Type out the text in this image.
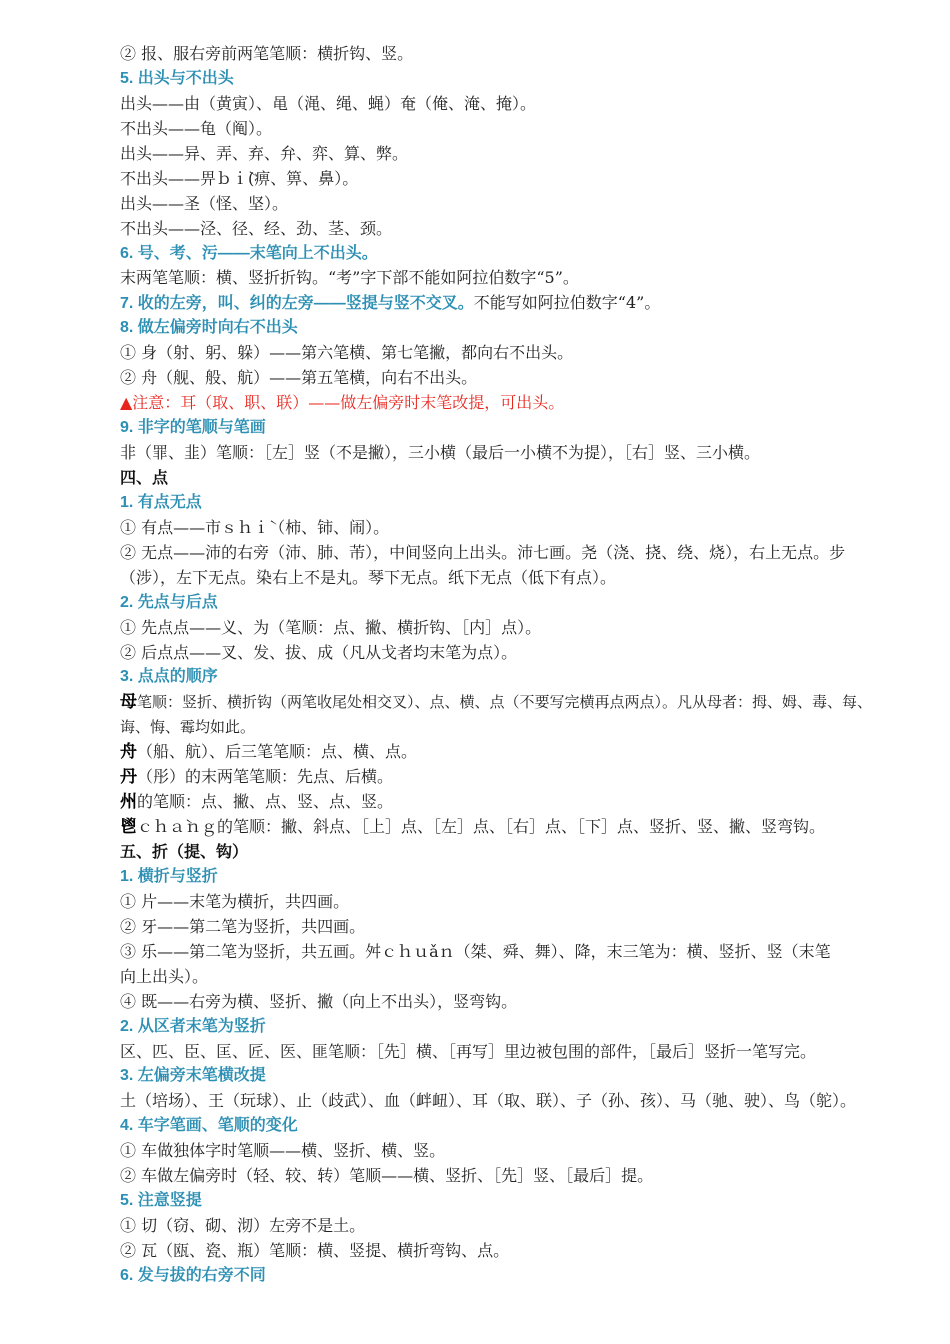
② 报、服右旁前两笔笔顺：横折钩、竖。
5. 出头与不出头
出头——由（黄寅）、黾（渑、绳、蝇）奄（俺、淹、掩）。
不出头——龟（阄）。
出头——异、弄、弃、弁、弈、算、弊。
不出头——畀ｂｉ̀(痹、箅、鼻）。
出头——圣（怪、坚）。
不出头——泾、径、经、劲、茎、颈。
6. 号、考、污——末笔向上不出头。
末两笔笔顺：横、竖折折钩。“考”字下部不能如阿拉伯数字“5”。
7. 收的左旁，叫、纠的左旁——竖提与竖不交叉。不能写如阿拉伯数字“4”。
8. 做左偏旁时向右不出头
① 身（射、躬、躲）——第六笔横、第七笔撇，都向右不出头。
② 舟（舰、般、航）——第五笔横，向右不出头。
▲注意：耳（取、职、联）——做左偏旁时末笔改提，可出头。
9. 非字的笔顺与笔画
非（罪、韭）笔顺：［左］竖（不是撇），三小横（最后一小横不为提），［右］竖、三小横。
四、点
1. 有点无点
① 有点——市ｓｈｉ̀（柿、铈、闹）。
② 无点——沛的右旁（沛、肺、芾），中间竖向上出头。沛七画。尧（浇、挠、绕、烧），右上无点。步
（涉），左下无点。染右上不是丸。琴下无点。纸下无点（低下有点）。
2. 先点与后点
① 先点点——义、为（笔顺：点、撇、横折钩、［内］点）。
② 后点点——叉、发、拔、成（凡从戈者均末笔为点）。
3. 点点的顺序
母笔顺：竖折、横折钩（两笔收尾处相交叉）、点、横、点（不要写完横再点两点）。凡从母者：拇、姆、毒、每、
诲、悔、霉均如此。
舟（船、航）、后三笔笔顺：点、横、点。
丹（彤）的末两笔笔顺：先点、后横。
州的笔顺：点、撇、点、竖、点、竖。
鬯ｃｈａ̀ｎｇ的笔顺：撇、斜点、［上］点、［左］点、［右］点、［下］点、竖折、竖、撇、竖弯钩。
五、折（提、钩）
1. 横折与竖折
① 片——末笔为横折，共四画。
② 牙——第二笔为竖折，共四画。
③ 乐——第二笔为竖折，共五画。舛ｃｈｕǎｎ（桀、舜、舞）、降，末三笔为：横、竖折、竖（末笔
向上出头）。
④ 既——右旁为横、竖折、撇（向上不出头），竖弯钩。
2. 从区者末笔为竖折
区、匹、臣、匡、匠、医、匪笔顺：［先］横、［再写］里边被包围的部件，［最后］竖折一笔写完。
3. 左偏旁末笔横改提
土（培场）、王（玩球）、止（歧武）、血（衅衄）、耳（取、联）、子（孙、孩）、马（驰、驶）、鸟（鸵）。
4. 车字笔画、笔顺的变化
① 车做独体字时笔顺——横、竖折、横、竖。
② 车做左偏旁时（轻、较、转）笔顺——横、竖折、［先］竖、［最后］提。
5. 注意竖提
① 切（窃、砌、沏）左旁不是土。
② 瓦（瓯、瓷、瓶）笔顺：横、竖提、横折弯钩、点。
6. 发与拔的右旁不同
